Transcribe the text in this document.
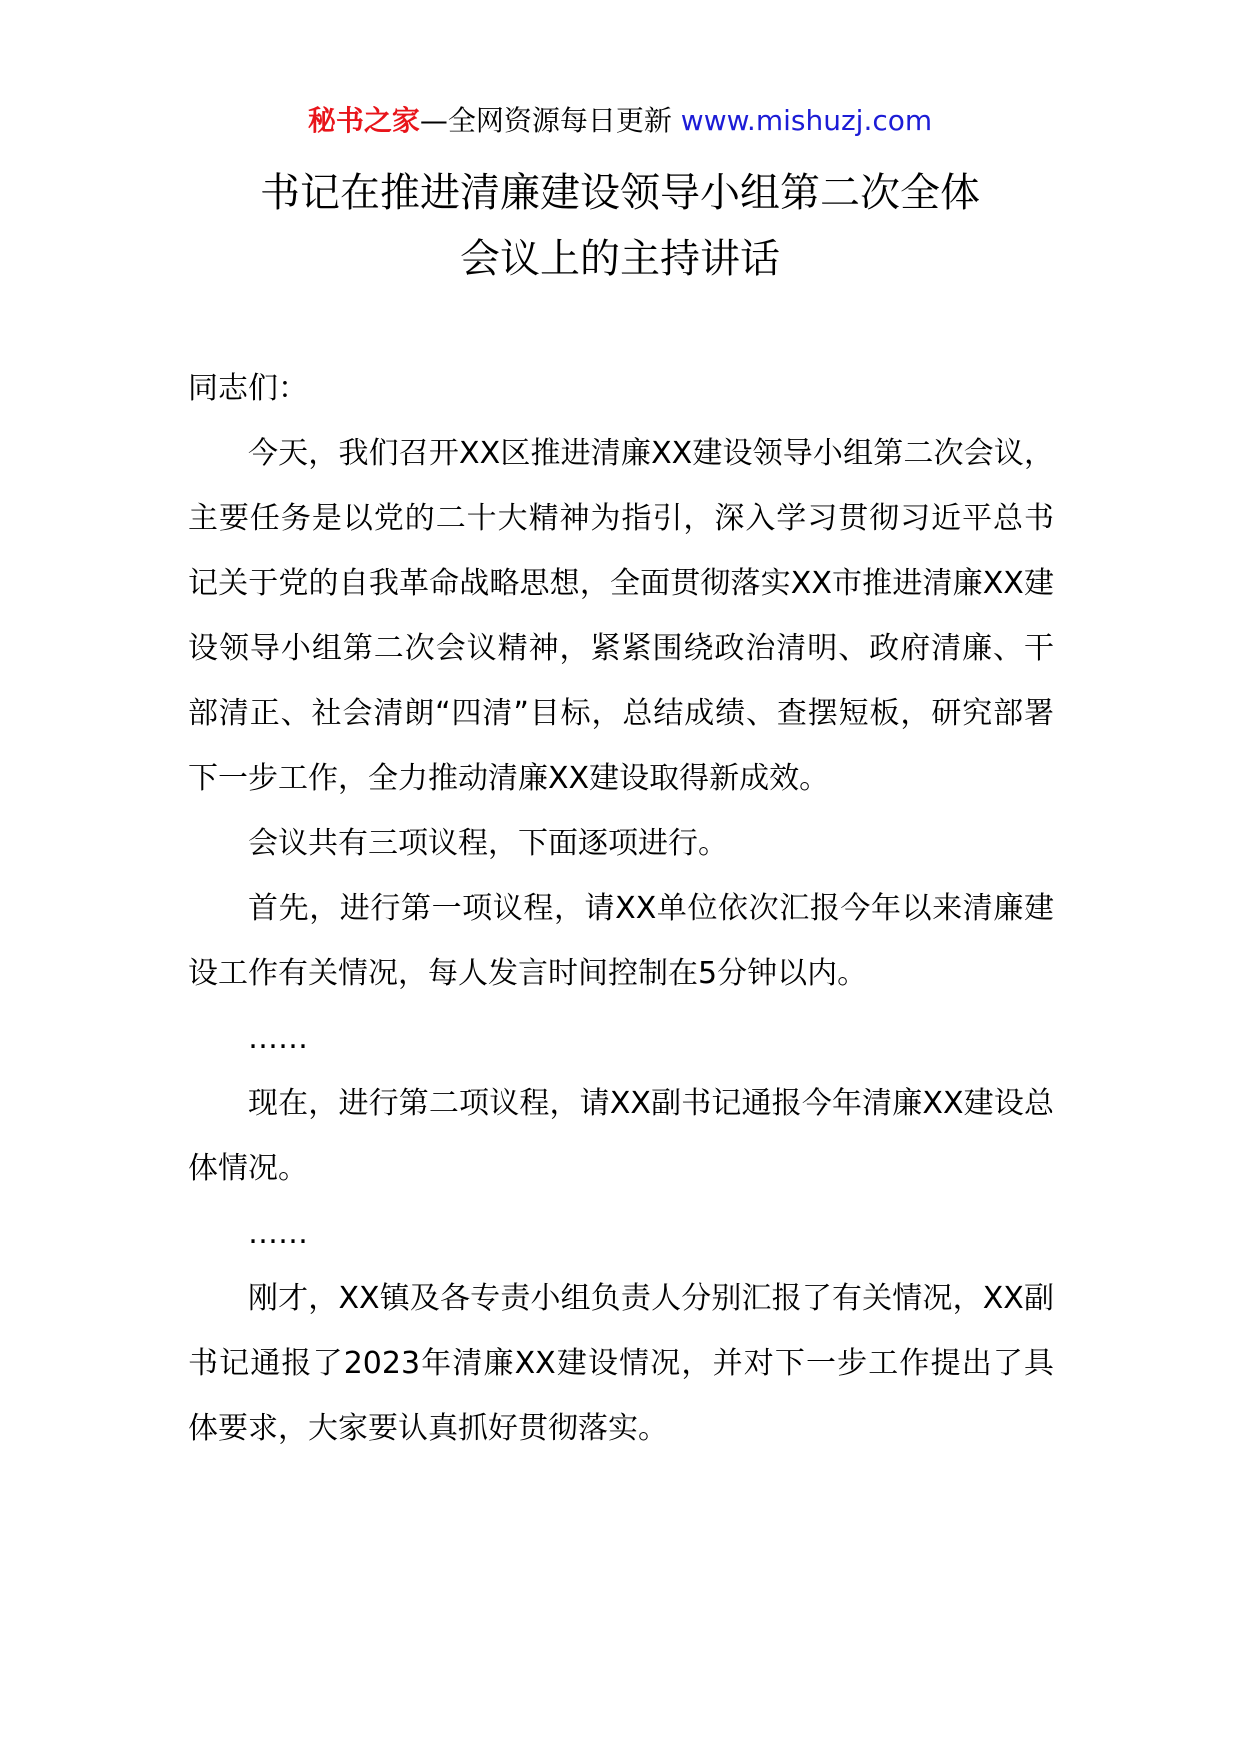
秘书之家—全网资源每日更新 www.mishuzj.com
书记在推进清廉建设领导小组第二次全体
会议上的主持讲话

同志们：

今天，我们召开XX区推进清廉XX建设领导小组第二次会议，主要任务是以党的二十大精神为指引，深入学习贯彻习近平总书记关于党的自我革命战略思想，全面贯彻落实XX市推进清廉XX建设领导小组第二次会议精神，紧紧围绕政治清明、政府清廉、干部清正、社会清朗“四清”目标，总结成绩、查摆短板，研究部署下一步工作，全力推动清廉XX建设取得新成效。

会议共有三项议程，下面逐项进行。

首先，进行第一项议程，请XX单位依次汇报今年以来清廉建设工作有关情况，每人发言时间控制在5分钟以内。

……

现在，进行第二项议程，请XX副书记通报今年清廉XX建设总体情况。

……

刚才，XX镇及各专责小组负责人分别汇报了有关情况，XX副书记通报了2023年清廉XX建设情况，并对下一步工作提出了具体要求，大家要认真抓好贯彻落实。
